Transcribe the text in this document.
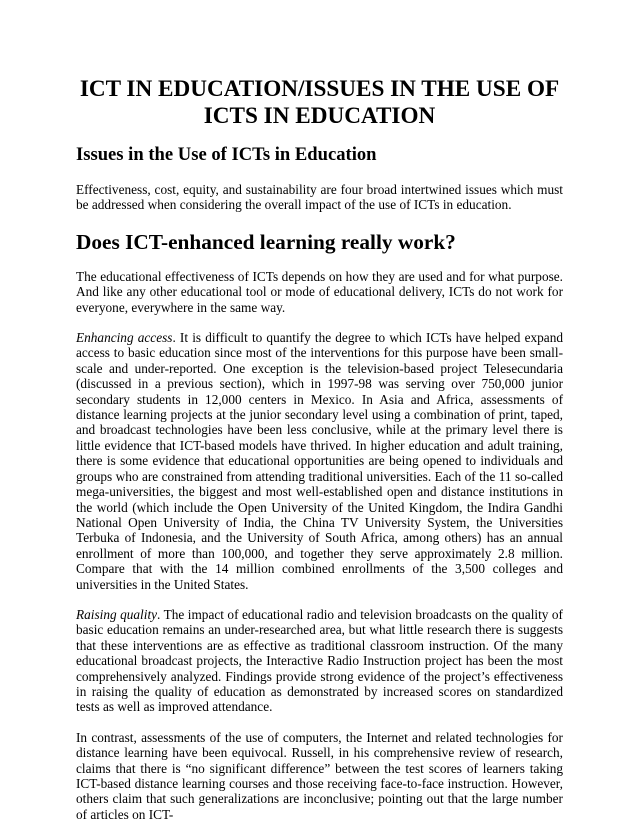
ICT IN EDUCATION/ISSUES IN THE USE OF ICTS IN EDUCATION
Issues in the Use of ICTs in Education

Effectiveness, cost, equity, and sustainability are four broad intertwined issues which must be addressed when considering the overall impact of the use of ICTs in education.

Does ICT-enhanced learning really work?

The educational effectiveness of ICTs depends on how they are used and for what purpose. And like any other educational tool or mode of educational delivery, ICTs do not work for everyone, everywhere in the same way.

Enhancing access. It is difficult to quantify the degree to which ICTs have helped expand access to basic education since most of the interventions for this purpose have been small-scale and under-reported. One exception is the television-based project Telesecundaria (discussed in a previous section), which in 1997-98 was serving over 750,000 junior secondary students in 12,000 centers in Mexico. In Asia and Africa, assessments of distance learning projects at the junior secondary level using a combination of print, taped, and broadcast technologies have been less conclusive, while at the primary level there is little evidence that ICT-based models have thrived. In higher education and adult training, there is some evidence that educational opportunities are being opened to individuals and groups who are constrained from attending traditional universities. Each of the 11 so-called mega-universities, the biggest and most well-established open and distance institutions in the world (which include the Open University of the United Kingdom, the Indira Gandhi National Open University of India, the China TV University System, the Universities Terbuka of Indonesia, and the University of South Africa, among others) has an annual enrollment of more than 100,000, and together they serve approximately 2.8 million. Compare that with the 14 million combined enrollments of the 3,500 colleges and universities in the United States.

Raising quality. The impact of educational radio and television broadcasts on the quality of basic education remains an under-researched area, but what little research there is suggests that these interventions are as effective as traditional classroom instruction. Of the many educational broadcast projects, the Interactive Radio Instruction project has been the most comprehensively analyzed. Findings provide strong evidence of the project’s effectiveness in raising the quality of education as demonstrated by increased scores on standardized tests as well as improved attendance.

In contrast, assessments of the use of computers, the Internet and related technologies for distance learning have been equivocal. Russell, in his comprehensive review of research, claims that there is “no significant difference” between the test scores of learners taking ICT-based distance learning courses and those receiving face-to-face instruction. However, others claim that such generalizations are inconclusive; pointing out that the large number of articles on ICT-
